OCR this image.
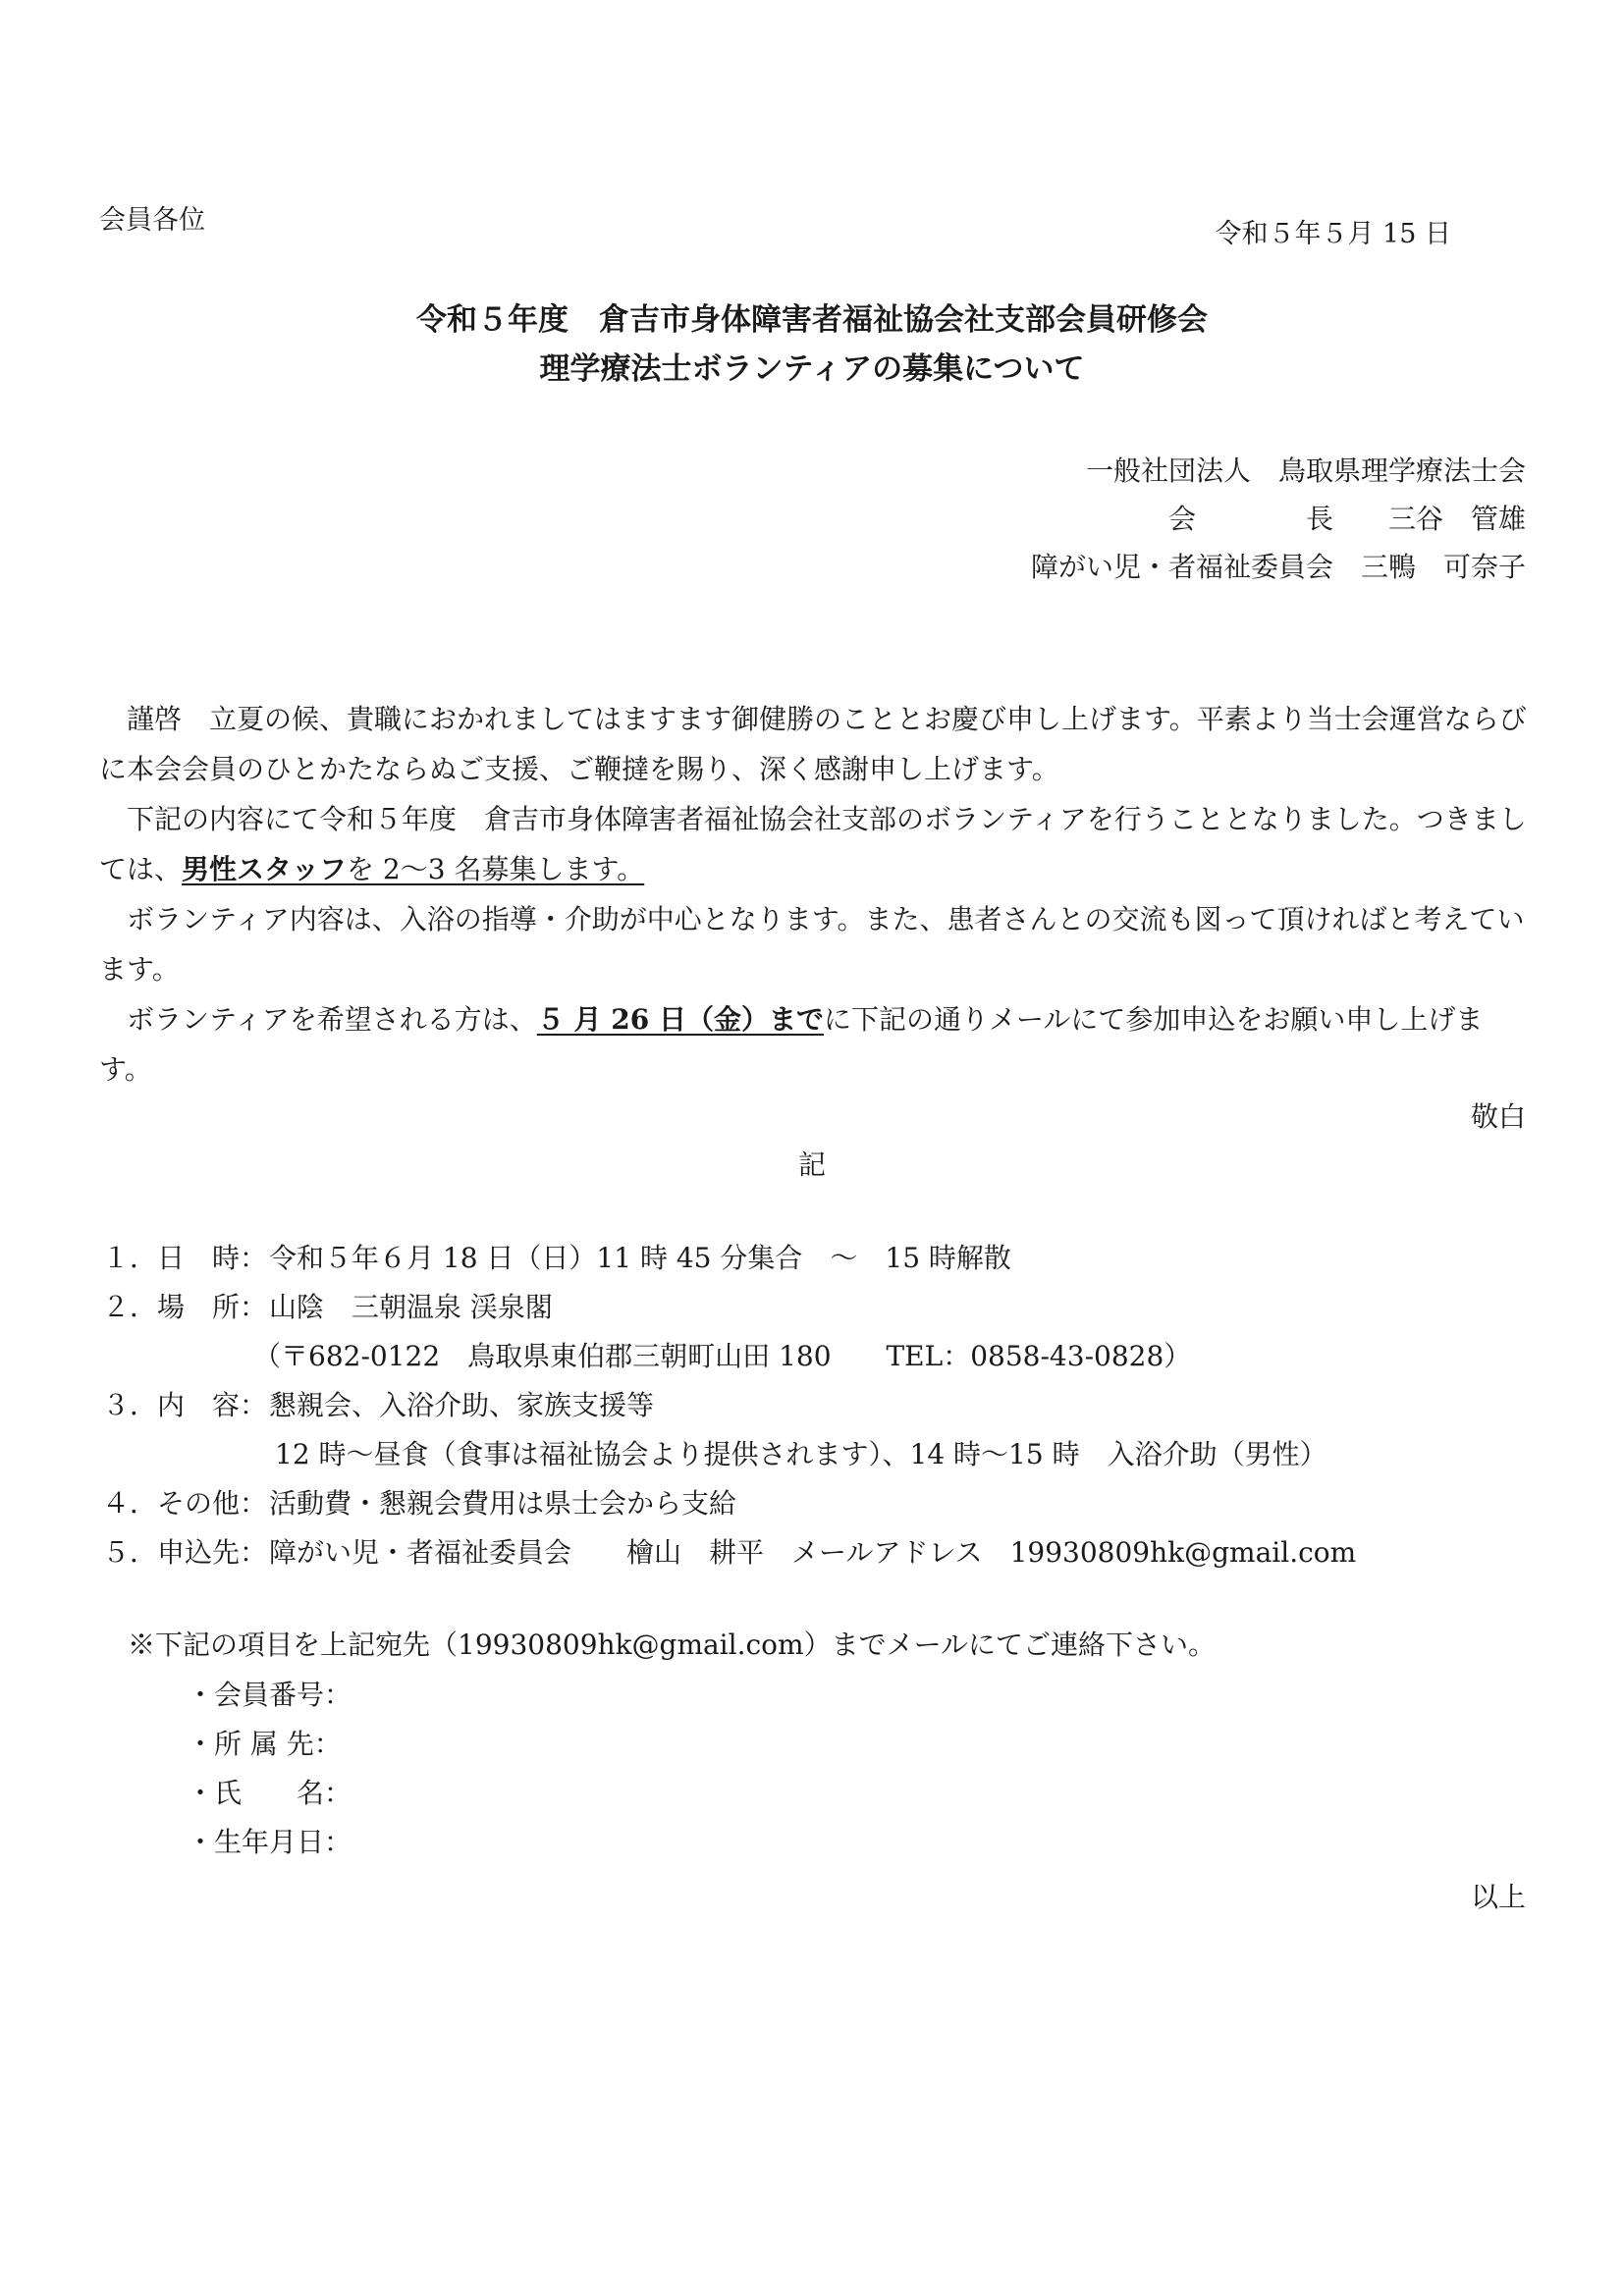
会員各位	令和５年５月 15 日
令和５年度　倉吉市身体障害者福祉協会社支部会員研修会
理学療法士ボランティアの募集について
一般社団法人　鳥取県理学療法士会
会　　　　長　　三谷　管雄
障がい児・者福祉委員会　三鴨　可奈子
謹啓　立夏の候、貴職におかれましてはますます御健勝のこととお慶び申し上げます。平素より当士会運営ならびに本会会員のひとかたならぬご支援、ご鞭撻を賜り、深く感謝申し上げます。
下記の内容にて令和５年度　倉吉市身体障害者福祉協会社支部のボランティアを行うこととなりました。つきましては、男性スタッフを 2～3 名募集します。
ボランティア内容は、入浴の指導・介助が中心となります。また、患者さんとの交流も図って頂ければと考えています。
ボランティアを希望される方は、５ 月 26 日（金）までに下記の通りメールにて参加申込をお願い申し上げます。
敬白
記
１．日　時：令和５年６月 18 日（日）11 時 45 分集合　～　15 時解散
２．場　所：山陰　三朝温泉 渓泉閣
（〒682-0122　鳥取県東伯郡三朝町山田 180　　TEL：0858-43-0828）
３．内　容：懇親会、入浴介助、家族支援等
12 時～昼食（食事は福祉協会より提供されます）、14 時～15 時　入浴介助（男性）
４．その他：活動費・懇親会費用は県士会から支給
５．申込先：障がい児・者福祉委員会　　檜山　耕平　メールアドレス　19930809hk@gmail.com
※下記の項目を上記宛先（19930809hk@gmail.com）までメールにてご連絡下さい。
・会員番号：
・所 属 先：
・氏　　名：
・生年月日：
以上
